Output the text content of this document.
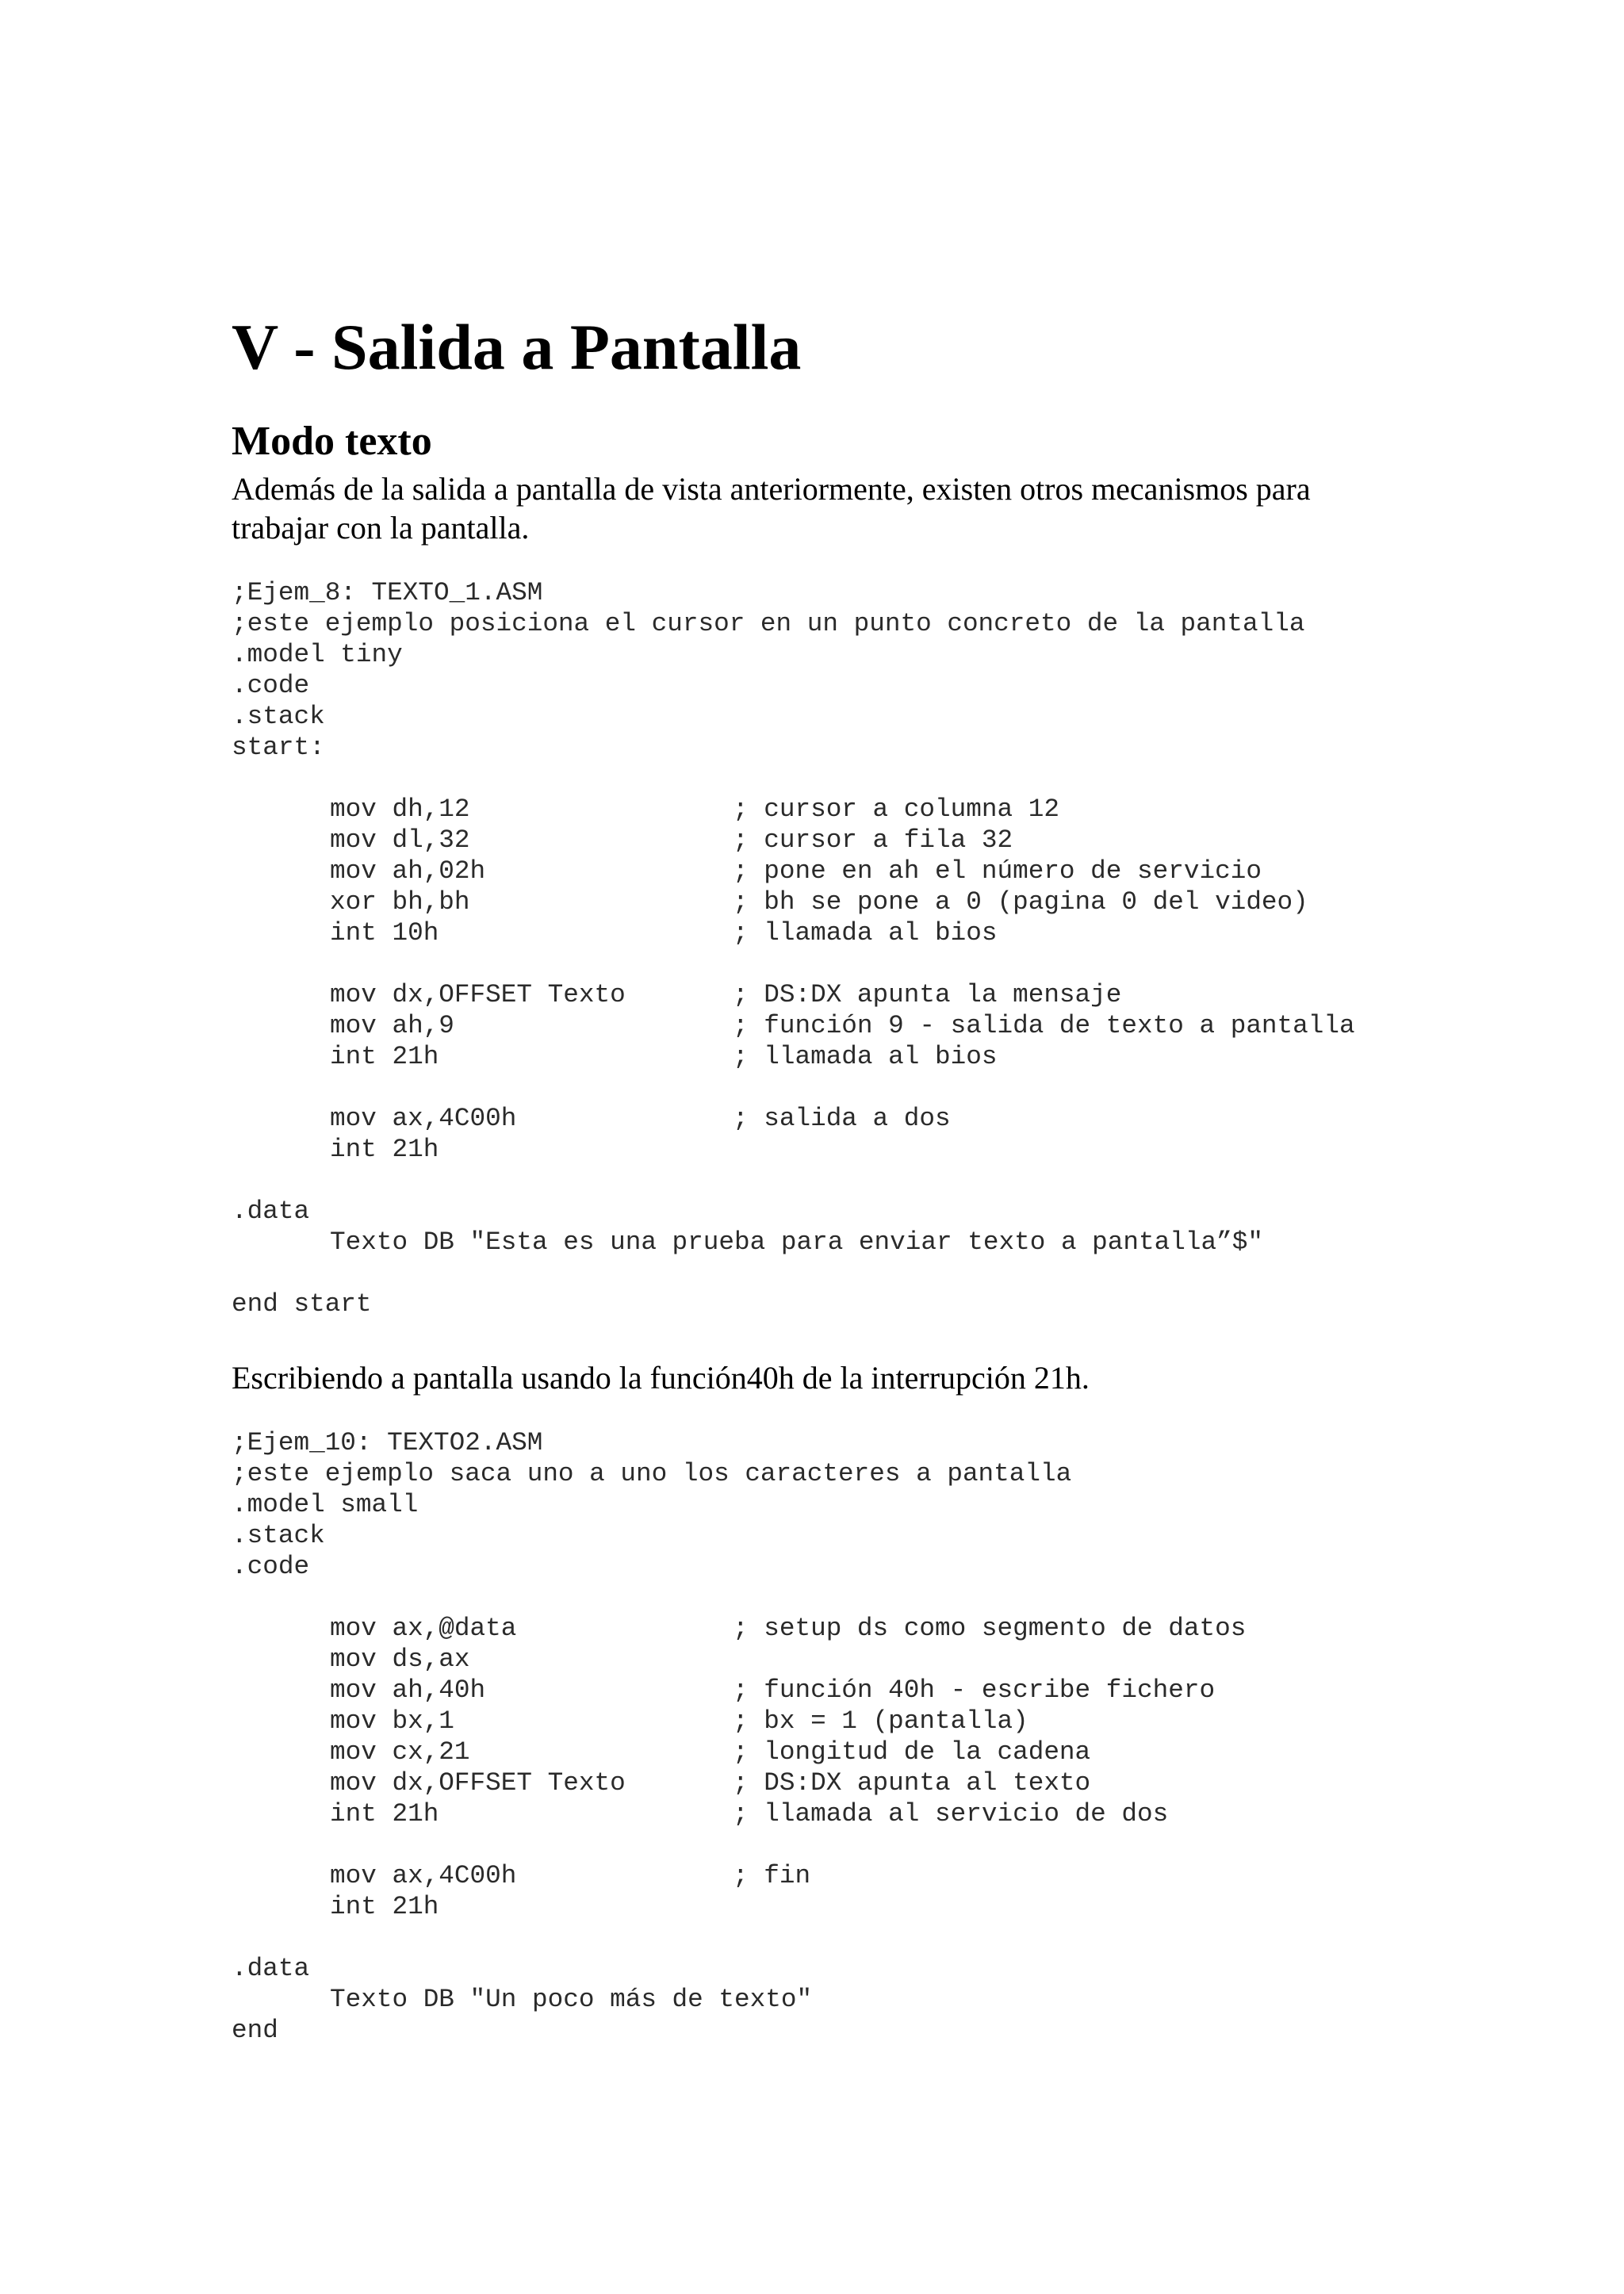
V - Salida a Pantalla
Modo texto
Además de la salida a pantalla de vista anteriormente, existen otros mecanismos para
trabajar con la pantalla.
;Ejem_8: TEXTO_1.ASM
;este ejemplo posiciona el cursor en un punto concreto de la pantalla
.model tiny
.code
.stack
start:
mov dh,12	; cursor a columna 12
mov dl,32	; cursor a fila 32
mov ah,02h	; pone en ah el número de servicio
xor bh,bh	; bh se pone a 0 (pagina 0 del video)
int 10h	; llamada al bios
mov dx,OFFSET Texto	; DS:DX apunta la mensaje
mov ah,9	; función 9 - salida de texto a pantalla
int 21h	; llamada al bios
mov ax,4C00h	; salida a dos
int 21h
.data
Texto DB "Esta es una prueba para enviar texto a pantalla”$"
end start
Escribiendo a pantalla usando la función40h de la interrupción 21h.
;Ejem_10: TEXTO2.ASM
;este ejemplo saca uno a uno los caracteres a pantalla
.model small
.stack
.code
mov ax,@data	; setup ds como segmento de datos
mov ds,ax
mov ah,40h	; función 40h - escribe fichero
mov bx,1	; bx = 1 (pantalla)
mov cx,21	; longitud de la cadena
mov dx,OFFSET Texto	; DS:DX apunta al texto
int 21h	; llamada al servicio de dos
mov ax,4C00h	; fin
int 21h
.data
Texto DB "Un poco más de texto"
end
